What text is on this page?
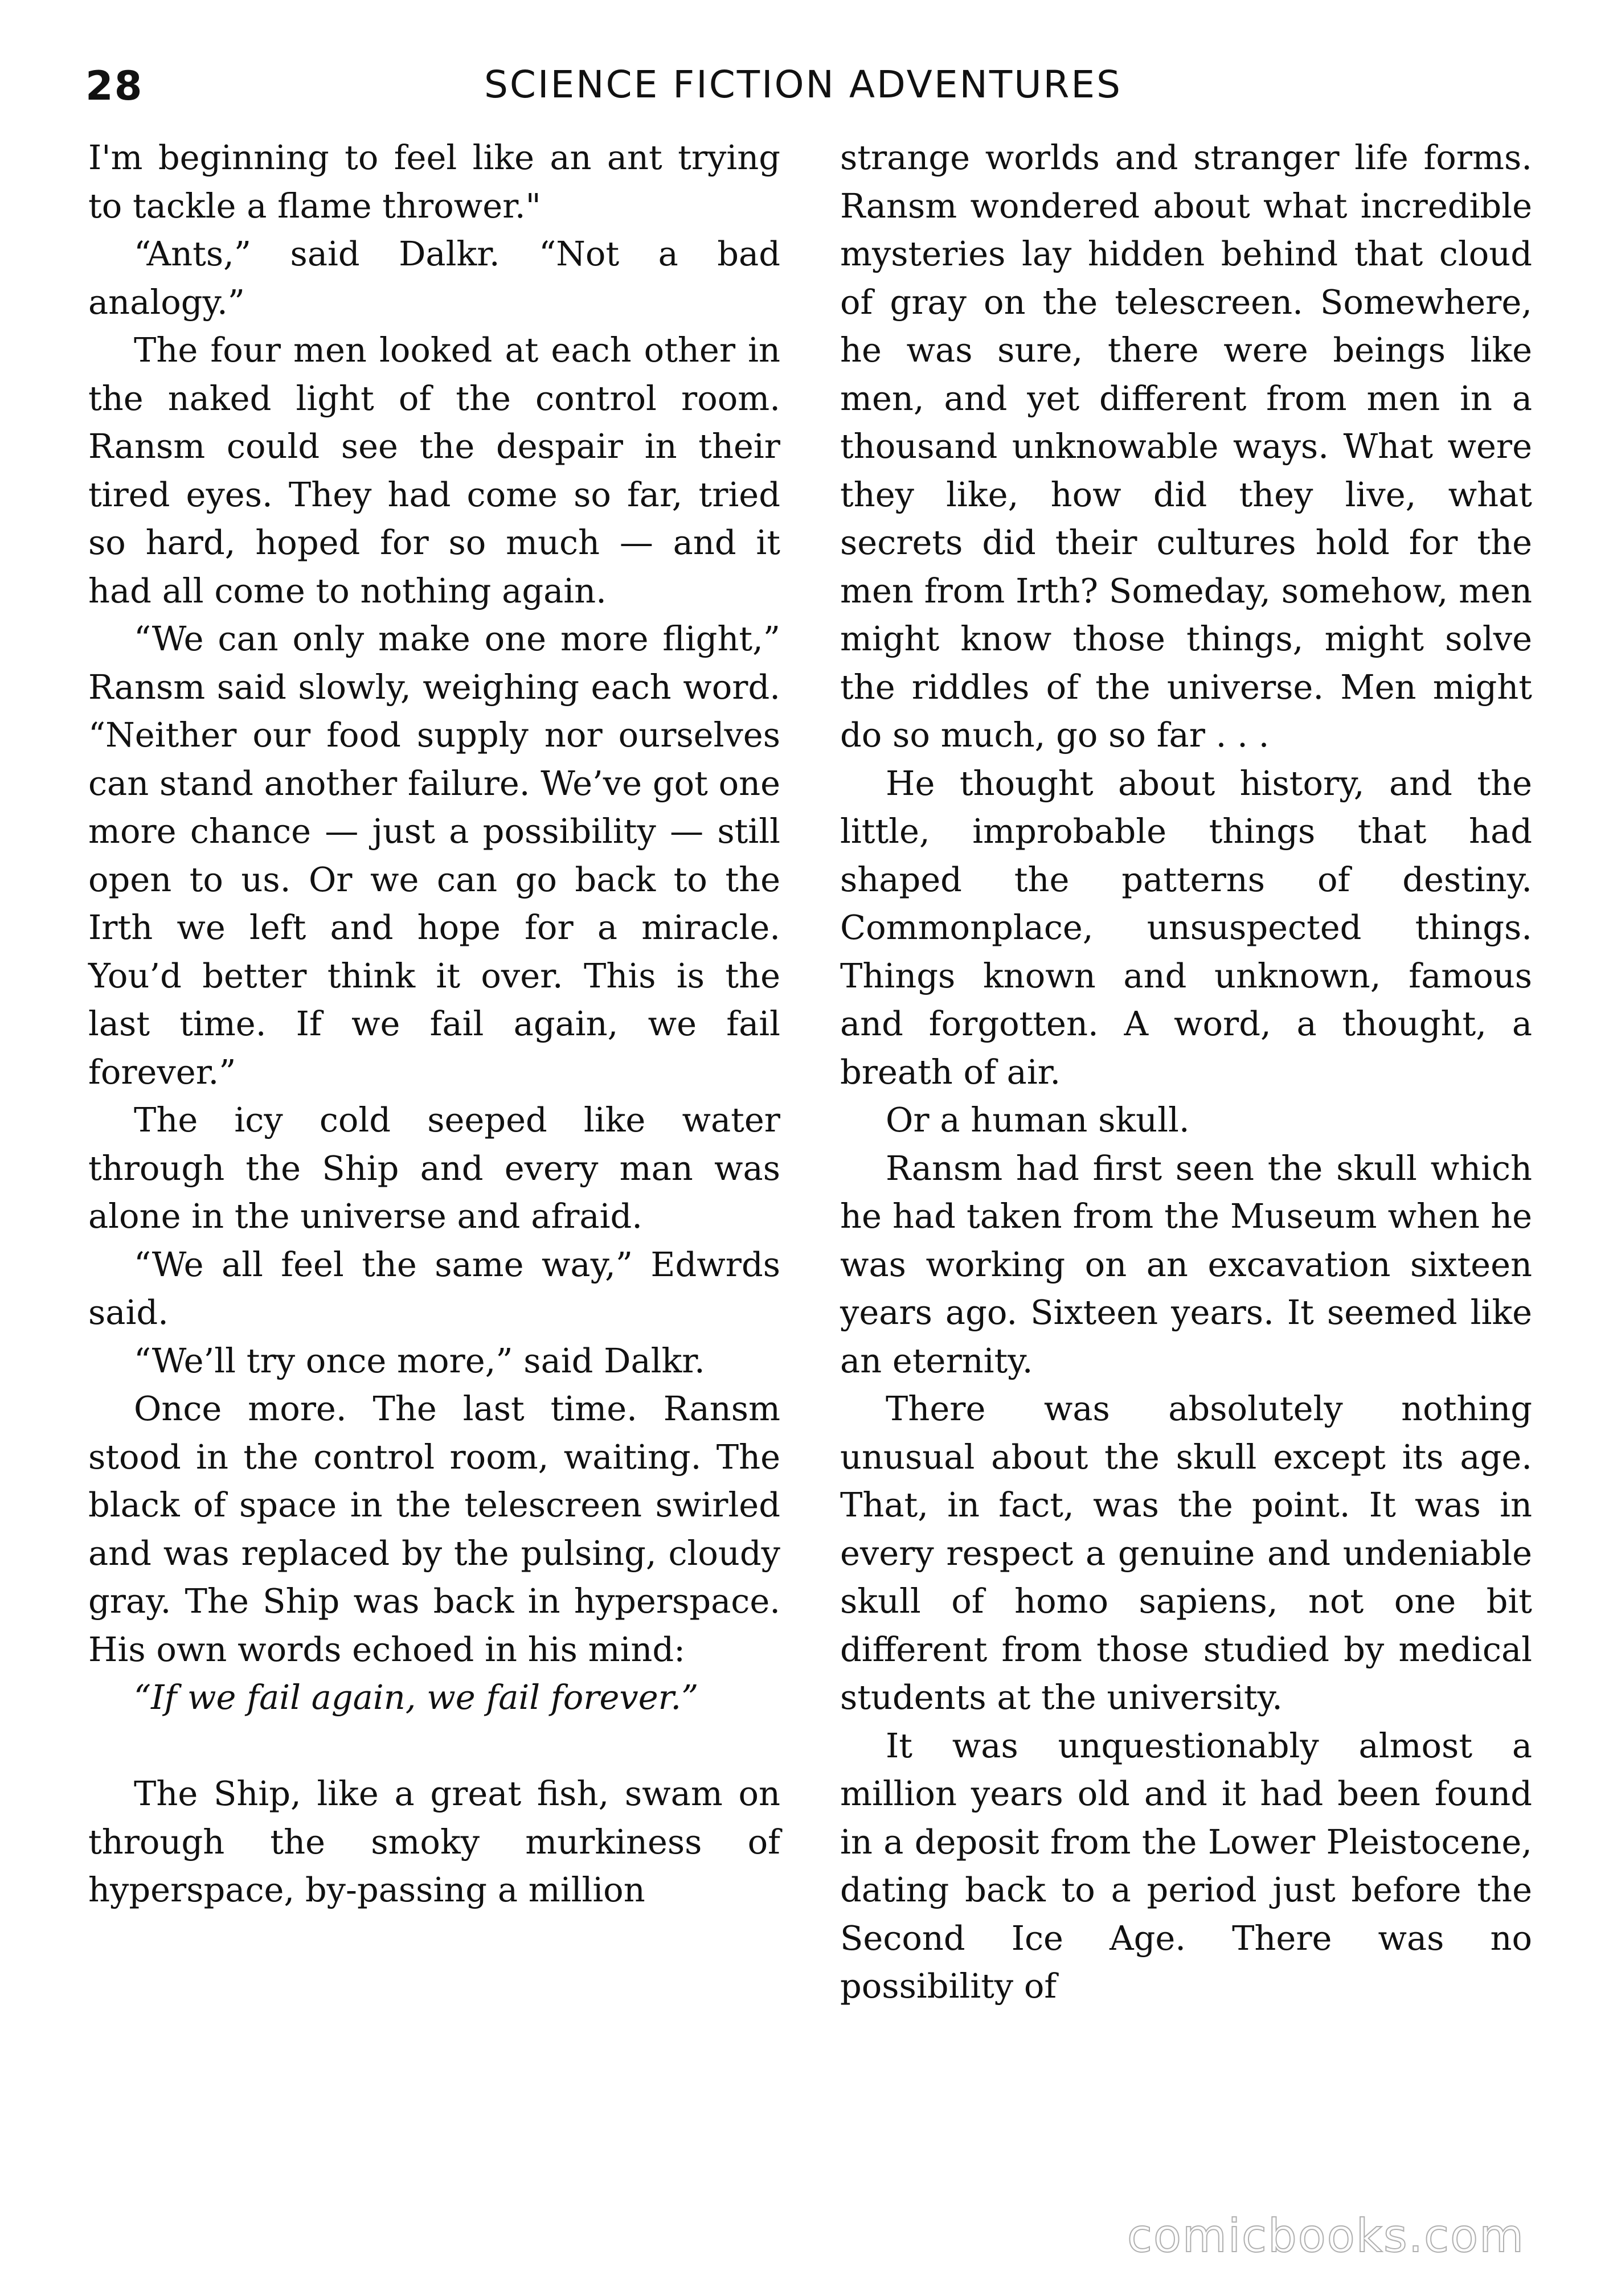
28	SCIENCE FICTION ADVENTURES

I'm beginning to feel like an ant trying to tackle a flame thrower."

“Ants,” said Dalkr. “Not a bad analogy.”

The four men looked at each other in the naked light of the control room. Ransm could see the despair in their tired eyes. They had come so far, tried so hard, hoped for so much — and it had all come to nothing again.

“We can only make one more flight,” Ransm said slowly, weighing each word. “Neither our food supply nor ourselves can stand another failure. We’ve got one more chance — just a possibility — still open to us. Or we can go back to the Irth we left and hope for a miracle. You’d better think it over. This is the last time. If we fail again, we fail forever.”

The icy cold seeped like water through the Ship and every man was alone in the universe and afraid.

“We all feel the same way,” Edwrds said.

“We’ll try once more,” said Dalkr.

Once more. The last time. Ransm stood in the control room, waiting. The black of space in the telescreen swirled and was replaced by the pulsing, cloudy gray. The Ship was back in hyperspace. His own words echoed in his mind:

“If we fail again, we fail forever.”

The Ship, like a great fish, swam on through the smoky murkiness of hyperspace, by-passing a million

strange worlds and stranger life forms. Ransm wondered about what incredible mysteries lay hidden behind that cloud of gray on the telescreen. Somewhere, he was sure, there were beings like men, and yet different from men in a thousand unknowable ways. What were they like, how did they live, what secrets did their cultures hold for the men from Irth? Someday, somehow, men might know those things, might solve the riddles of the universe. Men might do so much, go so far . . .

He thought about history, and the little, improbable things that had shaped the patterns of destiny. Commonplace, unsuspected things. Things known and unknown, famous and forgotten. A word, a thought, a breath of air.

Or a human skull.

Ransm had first seen the skull which he had taken from the Museum when he was working on an excavation sixteen years ago. Sixteen years. It seemed like an eternity.

There was absolutely nothing unusual about the skull except its age. That, in fact, was the point. It was in every respect a genuine and undeniable skull of homo sapiens, not one bit different from those studied by medical students at the university.

It was unquestionably almost a million years old and it had been found in a deposit from the Lower Pleistocene, dating back to a period just before the Second Ice Age. There was no possibility of

comicbooks.com
